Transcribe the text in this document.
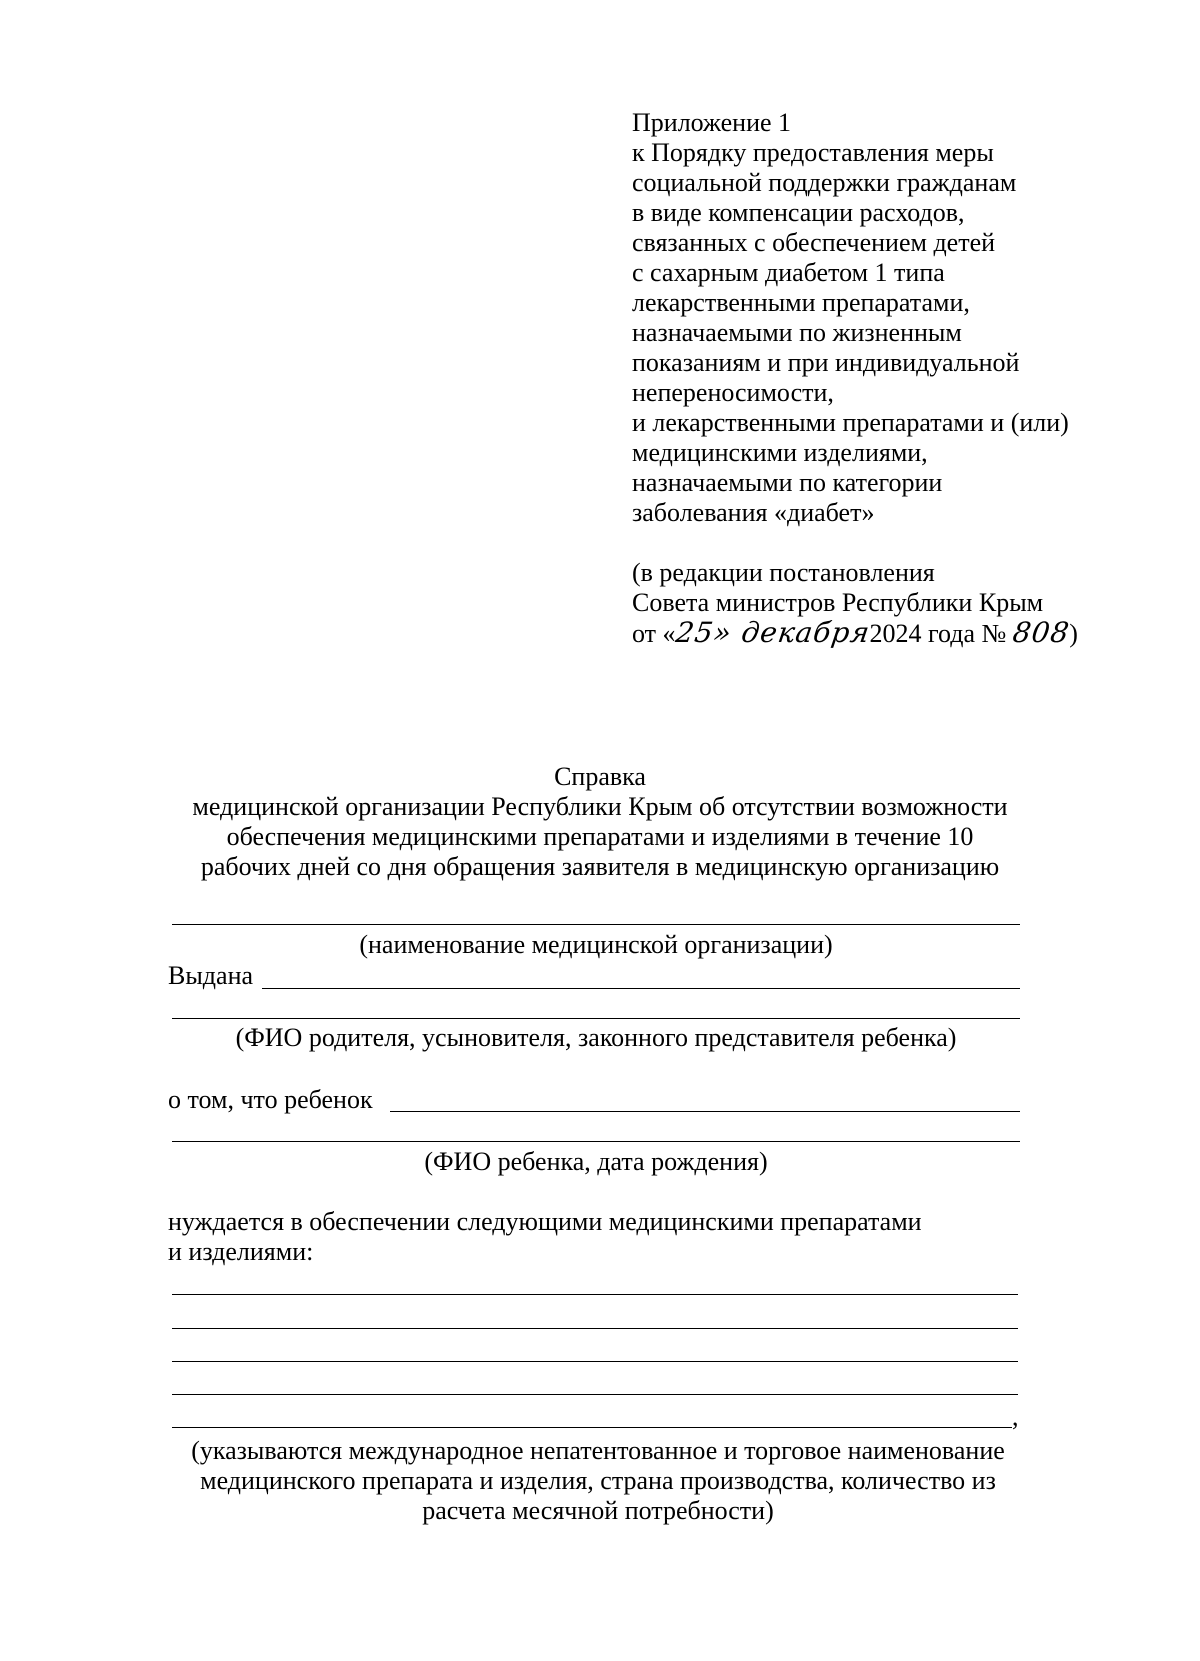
Приложение 1
к Порядку предоставления меры
социальной поддержки гражданам
в виде компенсации расходов,
связанных с обеспечением детей
с сахарным диабетом 1 типа
лекарственными препаратами,
назначаемыми по жизненным
показаниям и при индивидуальной
непереносимости,
и лекарственными препаратами и (или)
медицинскими изделиями,
назначаемыми по категории
заболевания «диабет»
(в редакции постановления
Совета министров Республики Крым
от «25» декабря2024 года № 808)
Справка
медицинской организации Республики Крым об отсутствии возможности
обеспечения медицинскими препаратами и изделиями в течение 10
рабочих дней со дня обращения заявителя в медицинскую организацию
(наименование медицинской организации)
Выдана
(ФИО родителя, усыновителя, законного представителя ребенка)
о том, что ребенок
(ФИО ребенка, дата рождения)
нуждается в обеспечении следующими медицинскими препаратами
и изделиями:
,
(указываются международное непатентованное и торговое наименование
медицинского препарата и изделия, страна производства, количество из
расчета месячной потребности)
